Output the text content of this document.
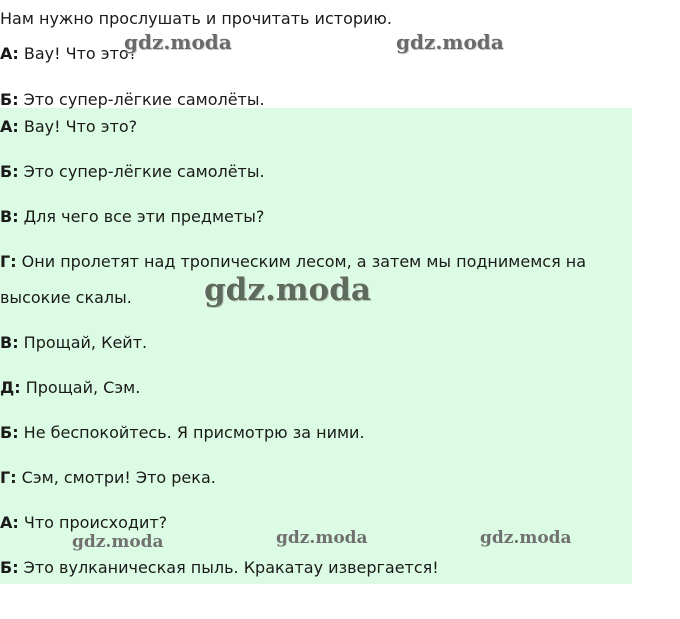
Нам нужно прослушать и прочитать историю.
А: Вау! Что это?
Б: Это супер-лёгкие самолёты.
А: Вау! Что это?
Б: Это супер-лёгкие самолёты.
В: Для чего все эти предметы?
Г: Они пролетят над тропическим лесом, а затем мы поднимемся на
высокие скалы.
В: Прощай, Кейт.
Д: Прощай, Сэм.
Б: Не беспокойтесь. Я присмотрю за ними.
Г: Сэм, смотри! Это река.
А: Что происходит?
Б: Это вулканическая пыль. Кракатау извергается!
gdz.moda	gdz.moda
gdz.moda
gdz.moda	gdz.moda	gdz.moda
